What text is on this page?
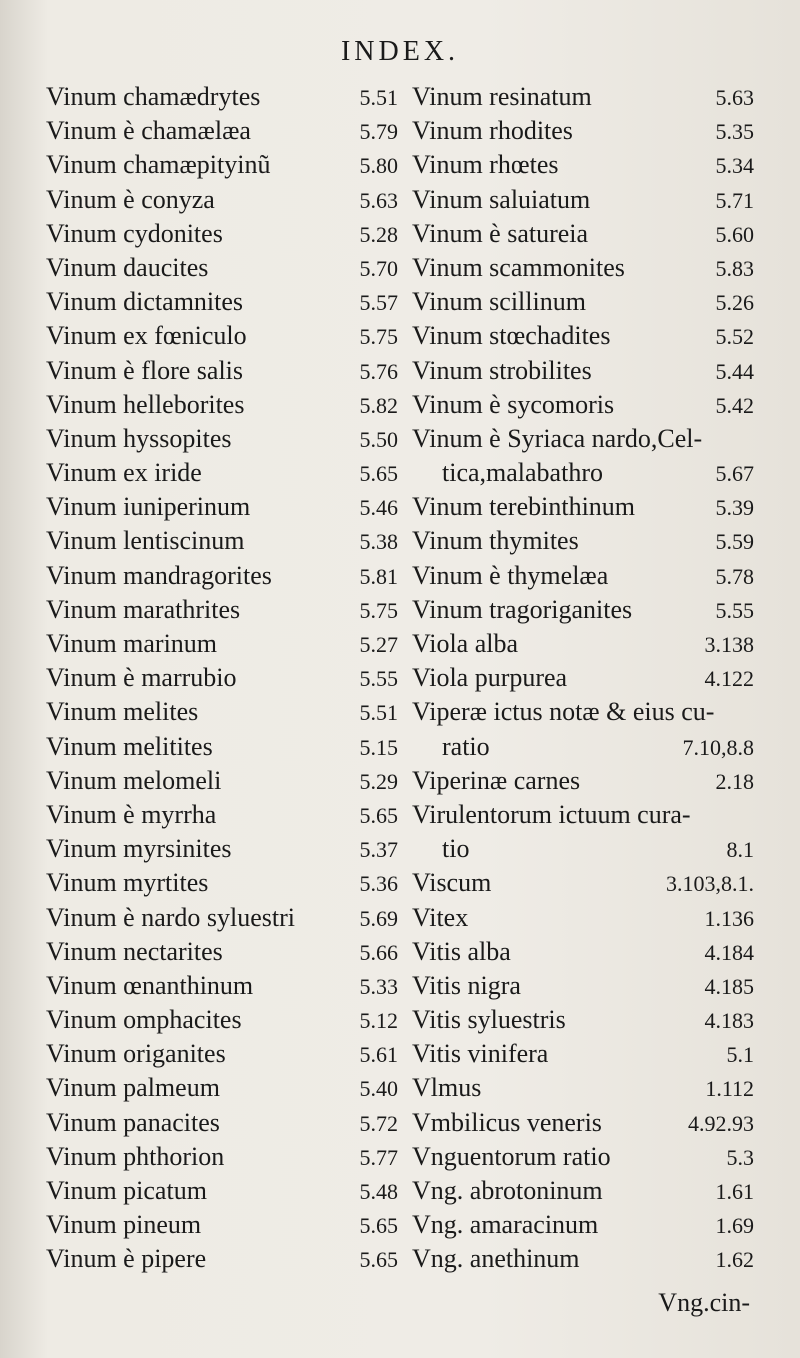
INDEX.
Vinum chamædrytes	5.51
Vinum è chamælæa	5.79
Vinum chamæpityinũ	5.80
Vinum è conyza	5.63
Vinum cydonites	5.28
Vinum daucites	5.70
Vinum dictamnites	5.57
Vinum ex fœniculo	5.75
Vinum è flore salis	5.76
Vinum helleborites	5.82
Vinum hyssopites	5.50
Vinum ex iride	5.65
Vinum iuniperinum	5.46
Vinum lentiscinum	5.38
Vinum mandragorites	5.81
Vinum marathrites	5.75
Vinum marinum	5.27
Vinum è marrubio	5.55
Vinum melites	5.51
Vinum melitites	5.15
Vinum melomeli	5.29
Vinum è myrrha	5.65
Vinum myrsinites	5.37
Vinum myrtites	5.36
Vinum è nardo syluestri	5.69
Vinum nectarites	5.66
Vinum œnanthinum	5.33
Vinum omphacites	5.12
Vinum origanites	5.61
Vinum palmeum	5.40
Vinum panacites	5.72
Vinum phthorion	5.77
Vinum picatum	5.48
Vinum pineum	5.65
Vinum è pipere	5.65
Vinum resinatum	5.63
Vinum rhodites	5.35
Vinum rhœtes	5.34
Vinum saluiatum	5.71
Vinum è satureia	5.60
Vinum scammonites	5.83
Vinum scillinum	5.26
Vinum stœchadites	5.52
Vinum strobilites	5.44
Vinum è sycomoris	5.42
Vinum è Syriaca nardo,Cel-
tica,malabathro	5.67
Vinum terebinthinum	5.39
Vinum thymites	5.59
Vinum è thymelæa	5.78
Vinum tragoriganites	5.55
Viola alba	3.138
Viola purpurea	4.122
Viperæ ictus notæ & eius cu-
ratio	7.10,8.8
Viperinæ carnes	2.18
Virulentorum ictuum cura-
tio	8.1
Viscum	3.103,8.1.
Vitex	1.136
Vitis alba	4.184
Vitis nigra	4.185
Vitis syluestris	4.183
Vitis vinifera	5.1
Vlmus	1.112
Vmbilicus veneris	4.92.93
Vnguentorum ratio	5.3
Vng. abrotoninum	1.61
Vng. amaracinum	1.69
Vng. anethinum	1.62
Vng.cin-
